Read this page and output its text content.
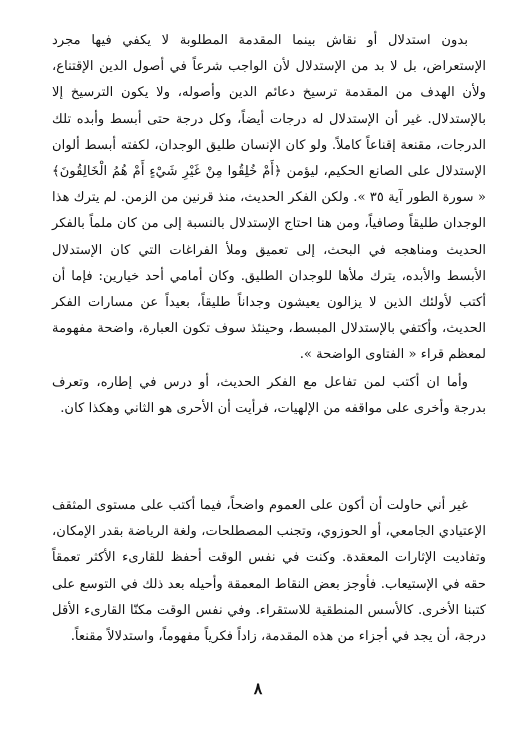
بدون استدلال أو نقاش بينما المقدمة المطلوبة لا يكفي فيها مجرد الإستعراض، بل لا بد من الإستدلال لأن الواجب شرعاً في أصول الدين الإقتناع، ولأن الهدف من المقدمة ترسيخ دعائم الدين وأصوله، ولا يكون الترسيخ إلا بالإستدلال. غير أن الإستدلال له درجات أيضاً، وكل درجة حتى أبسط وأبده تلك الدرجات، مقنعة إقناعاً كاملاً. ولو كان الإنسان طليق الوجدان، لكفته أبسط ألوان الإستدلال على الصانع الحكيم، ليؤمن ﴿أَمْ خُلِقُوا مِنْ غَيْرِ شَيْءٍ أَمْ هُمُ الْخَالِقُونَ﴾ « سورة الطور آية ٣٥ ». ولكن الفكر الحديث، منذ قرنين من الزمن. لم يترك هذا الوجدان طليقاً وصافياً، ومن هنا احتاج الإستدلال بالنسبة إلى من كان ملماً بالفكر الحديث ومناهجه في البحث، إلى تعميق وملأ الفراغات التي كان الإستدلال الأبسط والأبده، يترك ملأها للوجدان الطليق. وكان أمامي أحد خيارين: فإما أن أكتب لأولئك الذين لا يزالون يعيشون وجداناً طليقاً، بعيداً عن مسارات الفكر الحديث، وأكتفي بالإستدلال المبسط، وحينئذ سوف تكون العبارة، واضحة مفهومة لمعظم قراء « الفتاوى الواضحة ».

وأما ان أكتب لمن تفاعل مع الفكر الحديث، أو درس في إطاره، وتعرف بدرجة وأخرى على مواقفه من الإلهيات، فرأيت أن الأحرى هو الثاني وهكذا كان.

غير أني حاولت أن أكون على العموم واضحاً، فيما أكتب على مستوى المثقف الإعتيادي الجامعي، أو الحوزوي، وتجنب المصطلحات، ولغة الرياضة بقدر الإمكان، وتفاديت الإثارات المعقدة. وكنت في نفس الوقت أحفظ للقارىء الأكثر تعمقاً حقه في الإستيعاب. فأوجز بعض النقاط المعمقة وأحيله بعد ذلك في التوسع على كتبنا الأخرى. كالأسس المنطقية للاستقراء. وفي نفس الوقت مكنّا القارىء الأقل درجة، أن يجد في أجزاء من هذه المقدمة، زاداً فكرياً مفهوماً، واستدلالاً مقنعاً.

٨
